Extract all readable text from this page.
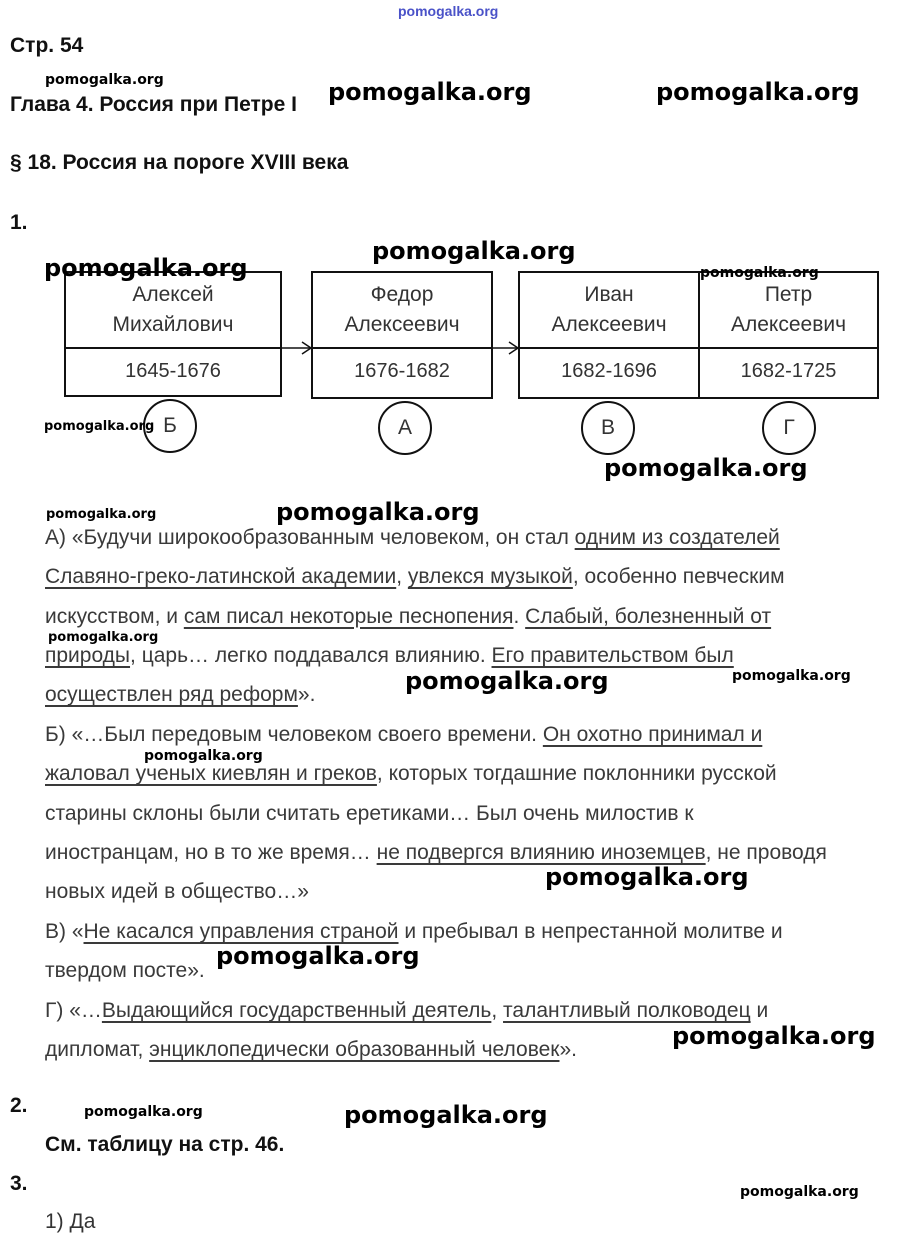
pomogalka.org
Стр. 54
Глава 4. Россия при Петре I
§ 18. Россия на пороге XVIII века
1.
Алексей
Михайлович
1645-1676
Федор
Алексеевич
1676-1682
Иван
Алексеевич
1682-1696
Петр
Алексеевич
1682-1725
Б	А	В	Г
А) «Будучи широкообразованным человеком, он стал одним из создателей
Славяно-греко-латинской академии, увлекся музыкой, особенно певческим
искусством, и сам писал некоторые песнопения. Слабый, болезненный от
природы, царь… легко поддавался влиянию. Его правительством был
осуществлен ряд реформ».
Б) «…Был передовым человеком своего времени. Он охотно принимал и
жаловал ученых киевлян и греков, которых тогдашние поклонники русской
старины склоны были считать еретиками… Был очень милостив к
иностранцам, но в то же время… не подвергся влиянию иноземцев, не проводя
новых идей в общество…»
В) «Не касался управления страной и пребывал в непрестанной молитве и
твердом посте».
Г) «…Выдающийся государственный деятель, талантливый полководец и
дипломат, энциклопедически образованный человек».
2.
См. таблицу на стр. 46.
3.
1) Да
pomogalka.org	pomogalka.org	pomogalka.org
pomogalka.org
pomogalka.org	pomogalka.org
pomogalka.org
pomogalka.org
pomogalka.org	pomogalka.org
pomogalka.org
pomogalka.org	pomogalka.org
pomogalka.org
pomogalka.org
pomogalka.org
pomogalka.org
pomogalka.org	pomogalka.org
pomogalka.org
